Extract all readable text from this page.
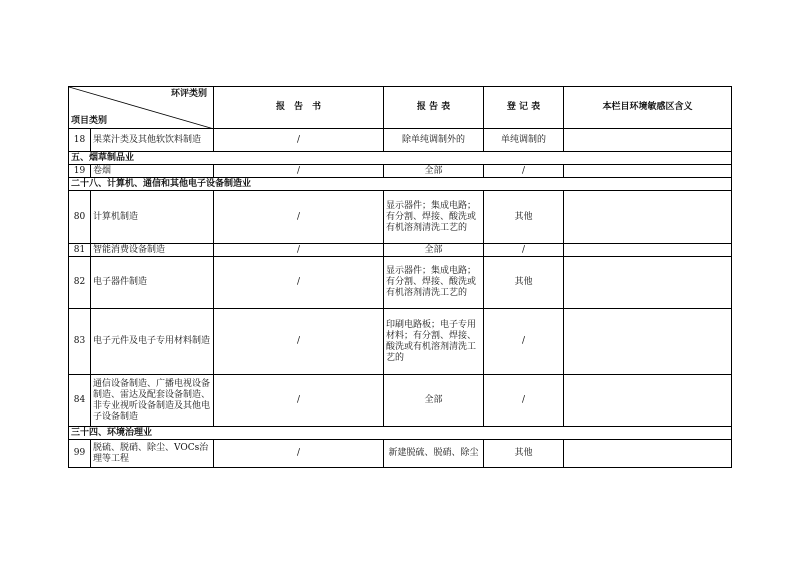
环评类别
项目类别		报　告　书	报 告 表	登 记 表	本栏目环境敏感区含义
18	果菜汁类及其他软饮料制造	/	除单纯调制外的	单纯调制的	
五、烟草制品业					
19	卷烟	/	全部	/	
二十八、计算机、通信和其他电子设备制造业					
80	计算机制造	/	显示器件；集成电路；有分割、焊接、酸洗或有机溶剂清洗工艺的	其他	
81	智能消费设备制造	/	全部	/	
82	电子器件制造	/	显示器件；集成电路；有分割、焊接、酸洗或有机溶剂清洗工艺的	其他	
83	电子元件及电子专用材料制造	/	印刷电路板；电子专用材料；有分割、焊接、酸洗或有机溶剂清洗工艺的	/	
84	通信设备制造、广播电视设备制造、雷达及配套设备制造、非专业视听设备制造及其他电子设备制造	/	全部	/	
三十四、环境治理业					
99	脱硫、脱硝、除尘、VOCs治理等工程	/	新建脱硫、脱硝、除尘	其他	
